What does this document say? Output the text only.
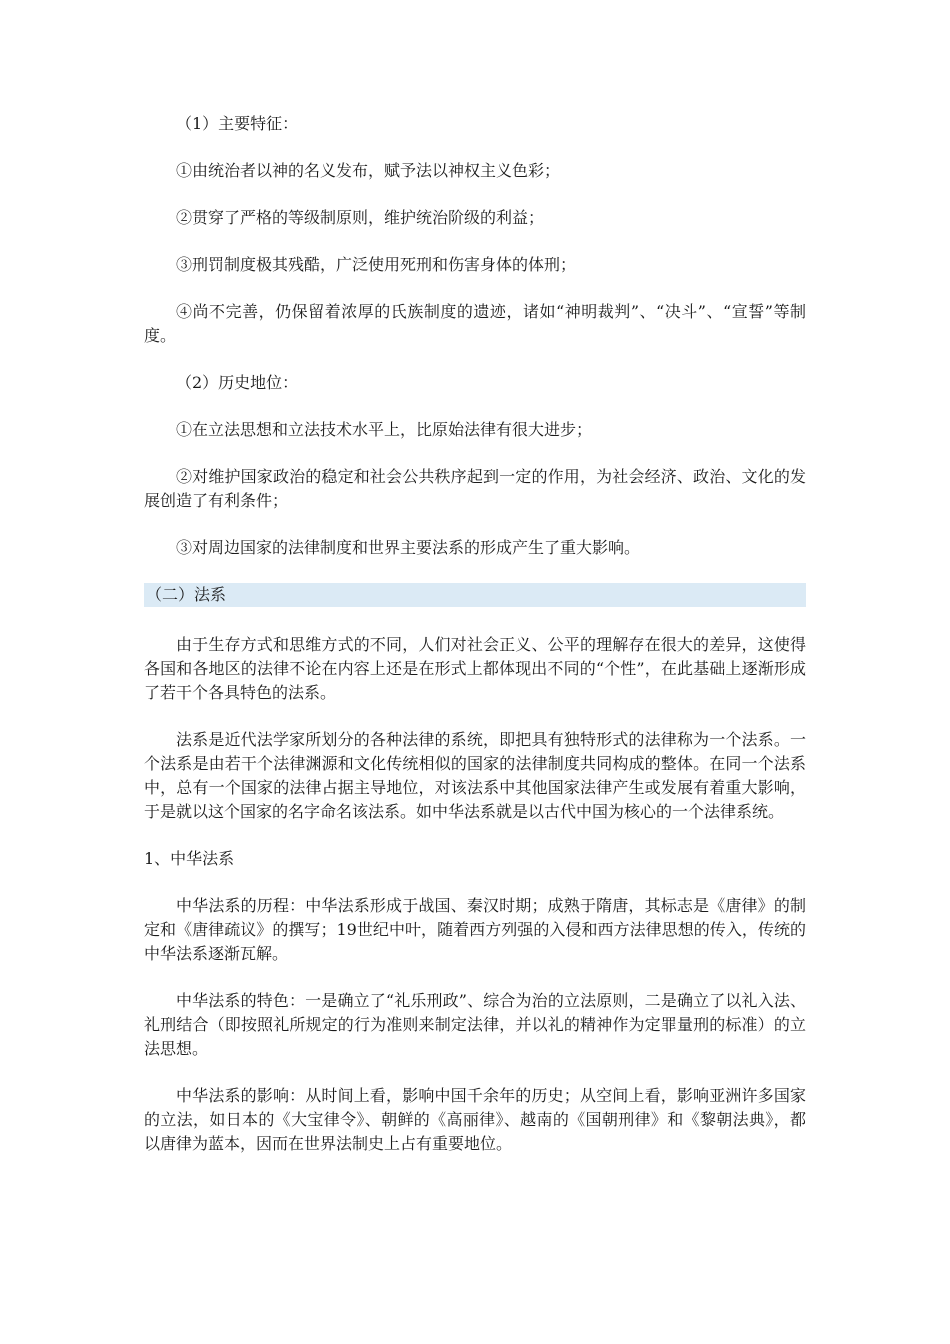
（1）主要特征：

①由统治者以神的名义发布，赋予法以神权主义色彩；

②贯穿了严格的等级制原则，维护统治阶级的利益；

③刑罚制度极其残酷，广泛使用死刑和伤害身体的体刑；

④尚不完善，仍保留着浓厚的氏族制度的遗迹，诸如“神明裁判”、“决斗”、“宣誓”等制度。

（2）历史地位：

①在立法思想和立法技术水平上，比原始法律有很大进步；

②对维护国家政治的稳定和社会公共秩序起到一定的作用，为社会经济、政治、文化的发展创造了有利条件；

③对周边国家的法律制度和世界主要法系的形成产生了重大影响。

（二）法系

由于生存方式和思维方式的不同，人们对社会正义、公平的理解存在很大的差异，这使得各国和各地区的法律不论在内容上还是在形式上都体现出不同的“个性”，在此基础上逐渐形成了若干个各具特色的法系。

法系是近代法学家所划分的各种法律的系统，即把具有独特形式的法律称为一个法系。一个法系是由若干个法律渊源和文化传统相似的国家的法律制度共同构成的整体。在同一个法系中，总有一个国家的法律占据主导地位，对该法系中其他国家法律产生或发展有着重大影响，于是就以这个国家的名字命名该法系。如中华法系就是以古代中国为核心的一个法律系统。

1、中华法系

中华法系的历程：中华法系形成于战国、秦汉时期；成熟于隋唐，其标志是《唐律》的制定和《唐律疏议》的撰写；19世纪中叶，随着西方列强的入侵和西方法律思想的传入，传统的中华法系逐渐瓦解。

中华法系的特色：一是确立了“礼乐刑政”、综合为治的立法原则，二是确立了以礼入法、礼刑结合（即按照礼所规定的行为准则来制定法律，并以礼的精神作为定罪量刑的标准）的立法思想。

中华法系的影响：从时间上看，影响中国千余年的历史；从空间上看，影响亚洲许多国家的立法，如日本的《大宝律令》、朝鲜的《高丽律》、越南的《国朝刑律》和《黎朝法典》，都以唐律为蓝本，因而在世界法制史上占有重要地位。
